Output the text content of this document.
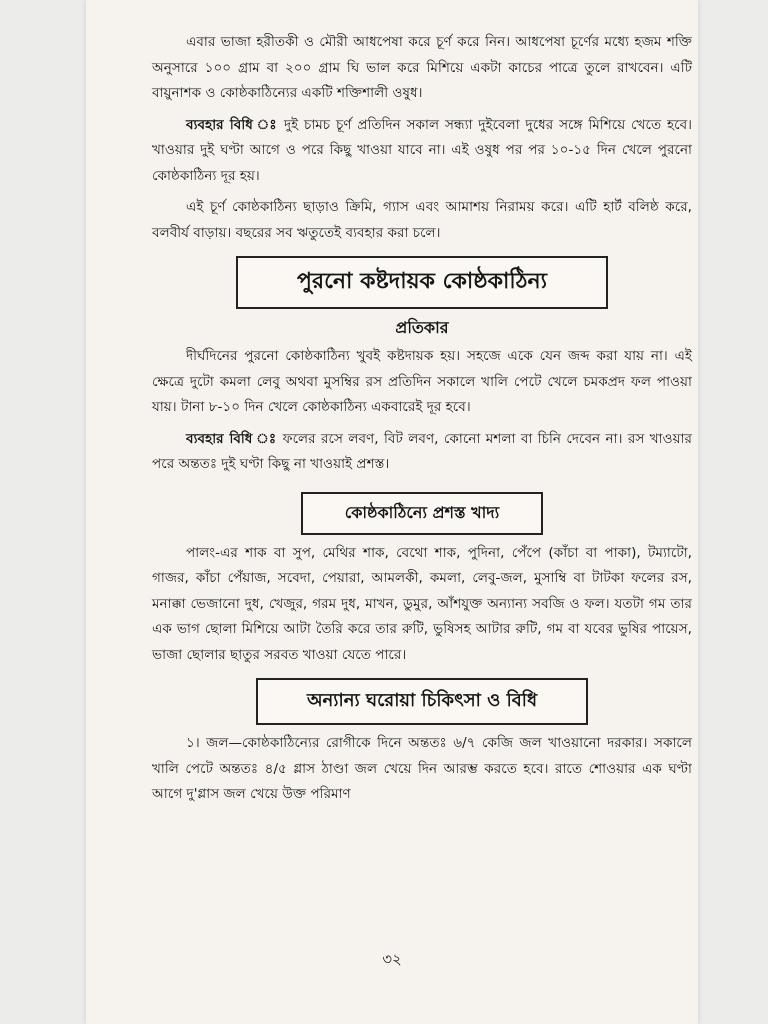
এবার ভাজা হরীতকী ও মৌরী আধপেষা করে চূর্ণ করে নিন। আধপেষা চূর্ণের মধ্যে হজম শক্তি অনুসারে ১০০ গ্রাম বা ২০০ গ্রাম ঘি ভাল করে মিশিয়ে একটা কাচের পাত্রে তুলে রাখবেন। এটি বায়ুনাশক ও কোষ্ঠকাঠিন্যের একটি শক্তিশালী ওষুধ।

ব্যবহার বিধি ঃ দুই চামচ চূর্ণ প্রতিদিন সকাল সন্ধ্যা দুইবেলা দুধের সঙ্গে মিশিয়ে খেতে হবে। খাওয়ার দুই ঘণ্টা আগে ও পরে কিছু খাওয়া যাবে না। এই ওষুধ পর পর ১০-১৫ দিন খেলে পুরনো কোষ্ঠকাঠিন্য দূর হয়।

এই চূর্ণ কোষ্ঠকাঠিন্য ছাড়াও ক্রিমি, গ্যাস এবং আমাশয় নিরাময় করে। এটি হার্ট বলিষ্ঠ করে, বলবীর্য বাড়ায়। বছরের সব ঋতুতেই ব্যবহার করা চলে।

পুরনো কষ্টদায়ক কোষ্ঠকাঠিন্য
প্রতিকার

দীর্ঘদিনের পুরনো কোষ্ঠকাঠিন্য খুবই কষ্টদায়ক হয়। সহজে একে যেন জব্দ করা যায় না। এই ক্ষেত্রে দুটো কমলা লেবু অথবা মুসম্বির রস প্রতিদিন সকালে খালি পেটে খেলে চমকপ্রদ ফল পাওয়া যায়। টানা ৮-১০ দিন খেলে কোষ্ঠকাঠিন্য একবারেই দূর হবে।

ব্যবহার বিধি ঃ ফলের রসে লবণ, বিট লবণ, কোনো মশলা বা চিনি দেবেন না। রস খাওয়ার পরে অন্ততঃ দুই ঘণ্টা কিছু না খাওয়াই প্রশস্ত।

কোষ্ঠকাঠিন্যে প্রশস্ত খাদ্য

পালং-এর শাক বা সুপ, মেথির শাক, বেথো শাক, পুদিনা, পেঁপে (কাঁচা বা পাকা), টম্যাটো, গাজর, কাঁচা পেঁয়াজ, সবেদা, পেয়ারা, আমলকী, কমলা, লেবু-জল, মুসাম্বি বা টাটকা ফলের রস, মনাক্কা ভেজানো দুধ, খেজুর, গরম দুধ, মাখন, ডুমুর, আঁশযুক্ত অন্যান্য সবজি ও ফল। যতটা গম তার এক ভাগ ছোলা মিশিয়ে আটা তৈরি করে তার রুটি, ভুষিসহ আটার রুটি, গম বা যবের ভুষির পায়েস, ভাজা ছোলার ছাতুর সরবত খাওয়া যেতে পারে।

অন্যান্য ঘরোয়া চিকিৎসা ও বিধি

১। জল—কোষ্ঠকাঠিন্যের রোগীকে দিনে অন্ততঃ ৬/৭ কেজি জল খাওয়ানো দরকার। সকালে খালি পেটে অন্ততঃ ৪/৫ গ্লাস ঠাণ্ডা জল খেয়ে দিন আরম্ভ করতে হবে। রাতে শোওয়ার এক ঘণ্টা আগে দু'গ্লাস জল খেয়ে উক্ত পরিমাণ

৩২
